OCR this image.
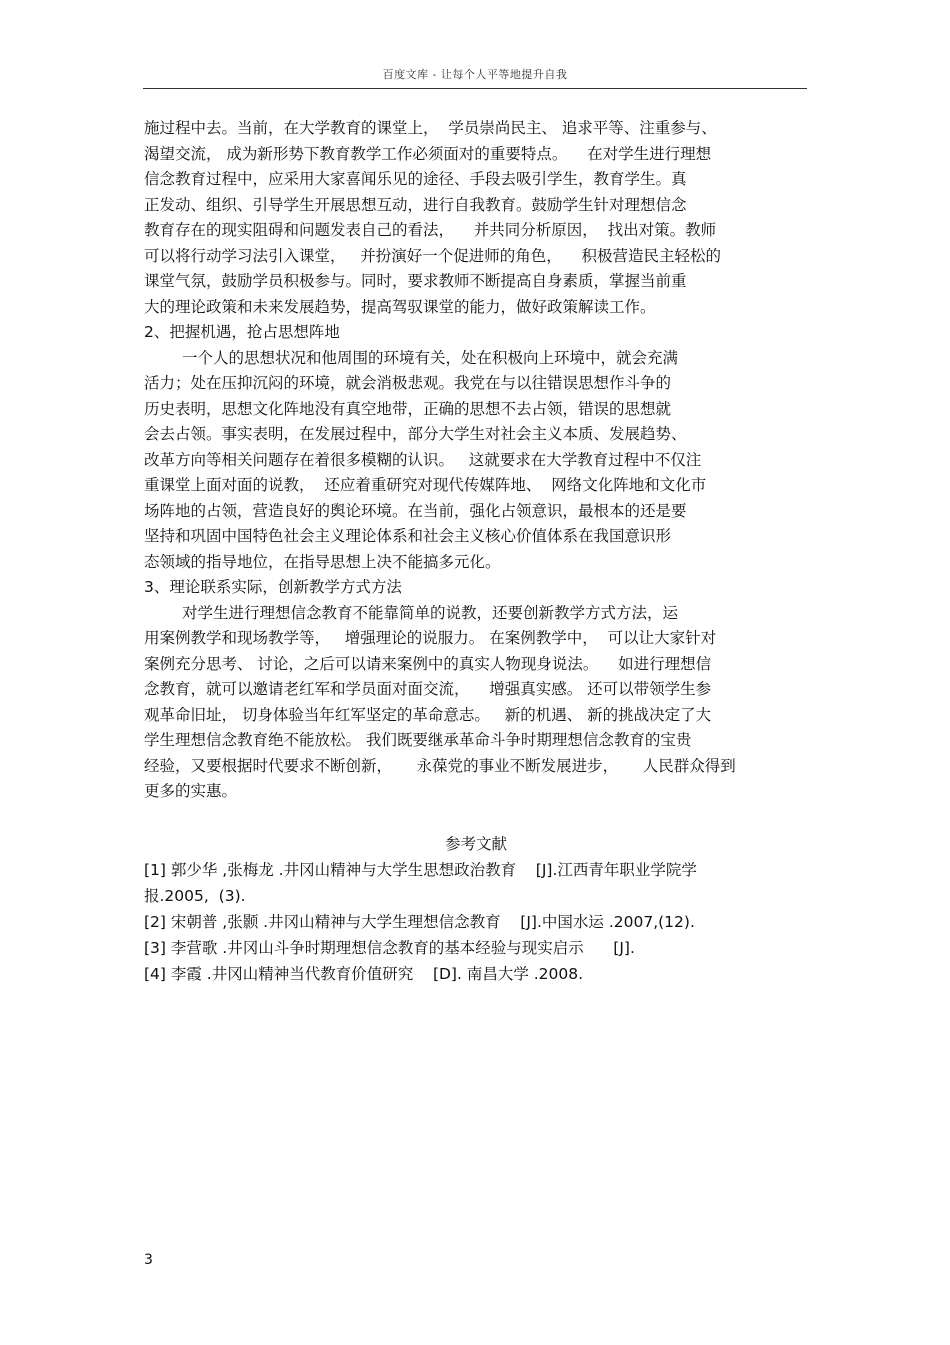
百度文库 - 让每个人平等地提升自我
施过程中去。当前，在大学教育的课堂上，  学员崇尚民主、 追求平等、注重参与、
渴望交流， 成为新形势下教育教学工作必须面对的重要特点。    在对学生进行理想
信念教育过程中，应采用大家喜闻乐见的途径、手段去吸引学生，教育学生。真
正发动、组织、引导学生开展思想互动，进行自我教育。鼓励学生针对理想信念
教育存在的现实阻碍和问题发表自己的看法，    并共同分析原因，  找出对策。教师
可以将行动学习法引入课堂，   并扮演好一个促进师的角色，    积极营造民主轻松的
课堂气氛，鼓励学员积极参与。同时，要求教师不断提高自身素质，掌握当前重
大的理论政策和未来发展趋势，提高驾驭课堂的能力，做好政策解读工作。
2、把握机遇，抢占思想阵地
一个人的思想状况和他周围的环境有关，处在积极向上环境中，就会充满
活力；处在压抑沉闷的环境，就会消极悲观。我党在与以往错误思想作斗争的
历史表明，思想文化阵地没有真空地带，正确的思想不去占领，错误的思想就
会去占领。事实表明，在发展过程中，部分大学生对社会主义本质、发展趋势、
改革方向等相关问题存在着很多模糊的认识。   这就要求在大学教育过程中不仅注
重课堂上面对面的说教，  还应着重研究对现代传媒阵地、  网络文化阵地和文化市
场阵地的占领，营造良好的舆论环境。在当前，强化占领意识，最根本的还是要
坚持和巩固中国特色社会主义理论体系和社会主义核心价值体系在我国意识形
态领域的指导地位，在指导思想上决不能搞多元化。
3、理论联系实际，创新教学方式方法
对学生进行理想信念教育不能靠简单的说教，还要创新教学方式方法，运
用案例教学和现场教学等，   增强理论的说服力。 在案例教学中，  可以让大家针对
案例充分思考、 讨论，之后可以请来案例中的真实人物现身说法。    如进行理想信
念教育，就可以邀请老红军和学员面对面交流，    增强真实感。 还可以带领学生参
观革命旧址， 切身体验当年红军坚定的革命意志。   新的机遇、 新的挑战决定了大
学生理想信念教育绝不能放松。 我们既要继承革命斗争时期理想信念教育的宝贵
经验，又要根据时代要求不断创新，     永葆党的事业不断发展进步，     人民群众得到
更多的实惠。
参考文献
[1] 郭少华 ,张梅龙 .井冈山精神与大学生思想政治教育    [J].江西青年职业学院学
报.2005,  (3).
[2] 宋朝普 ,张颢 .井冈山精神与大学生理想信念教育    [J].中国水运 .2007,(12).
[3] 李营歌 .井冈山斗争时期理想信念教育的基本经验与现实启示      [J].
[4] 李霞 .井冈山精神当代教育价值研究    [D]. 南昌大学 .2008.
3
